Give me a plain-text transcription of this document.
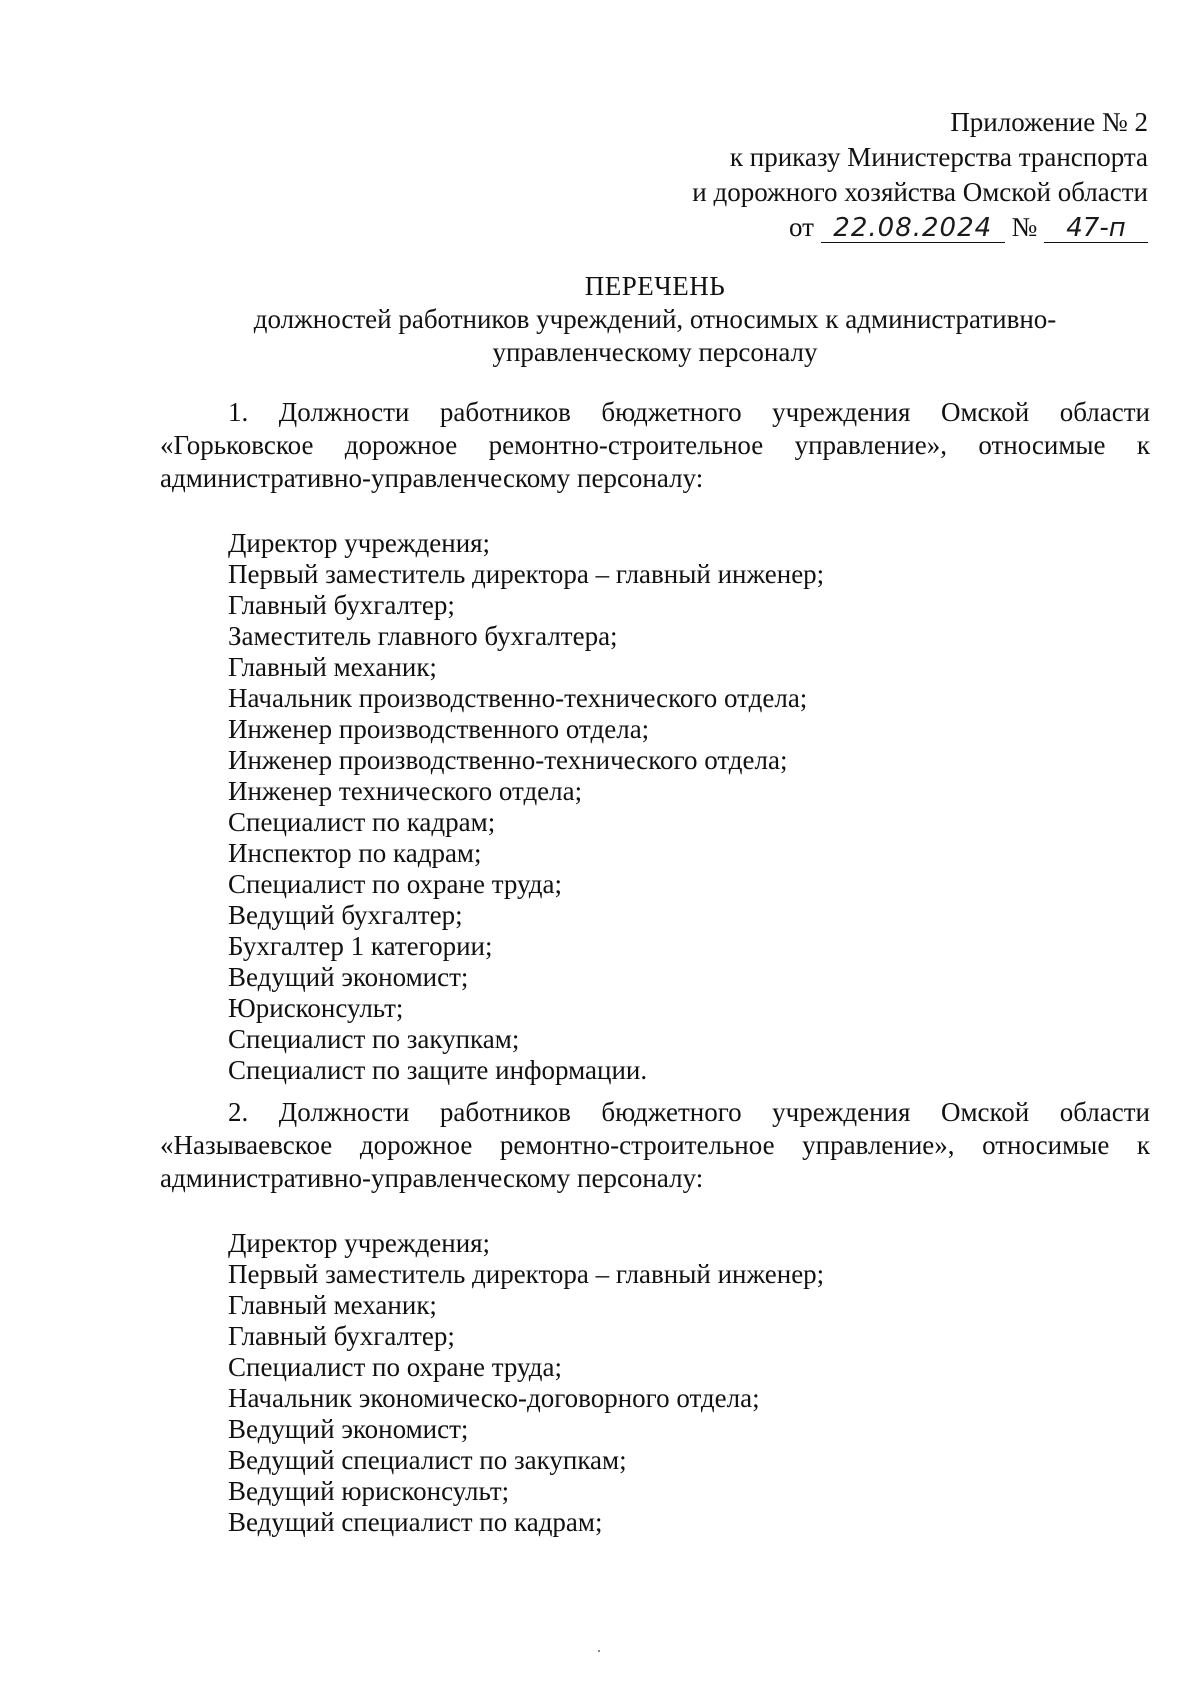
Приложение № 2
к приказу Министерства транспорта
и дорожного хозяйства Омской области
от 22.08.2024 № 47-п
ПЕРЕЧЕНЬ
должностей работников учреждений, относимых к административно-
управленческому персоналу
1. Должности работников бюджетного учреждения Омской области «Горьковское дорожное ремонтно-строительное управление», относимые к административно-управленческому персоналу:
Директор учреждения;
Первый заместитель директора – главный инженер;
Главный бухгалтер;
Заместитель главного бухгалтера;
Главный механик;
Начальник производственно-технического отдела;
Инженер производственного отдела;
Инженер производственно-технического отдела;
Инженер технического отдела;
Специалист по кадрам;
Инспектор по кадрам;
Специалист по охране труда;
Ведущий бухгалтер;
Бухгалтер 1 категории;
Ведущий экономист;
Юрисконсульт;
Специалист по закупкам;
Специалист по защите информации.
2. Должности работников бюджетного учреждения Омской области «Называевское дорожное ремонтно-строительное управление», относимые к административно-управленческому персоналу:
Директор учреждения;
Первый заместитель директора – главный инженер;
Главный механик;
Главный бухгалтер;
Специалист по охране труда;
Начальник экономическо-договорного отдела;
Ведущий экономист;
Ведущий специалист по закупкам;
Ведущий юрисконсульт;
Ведущий специалист по кадрам;
